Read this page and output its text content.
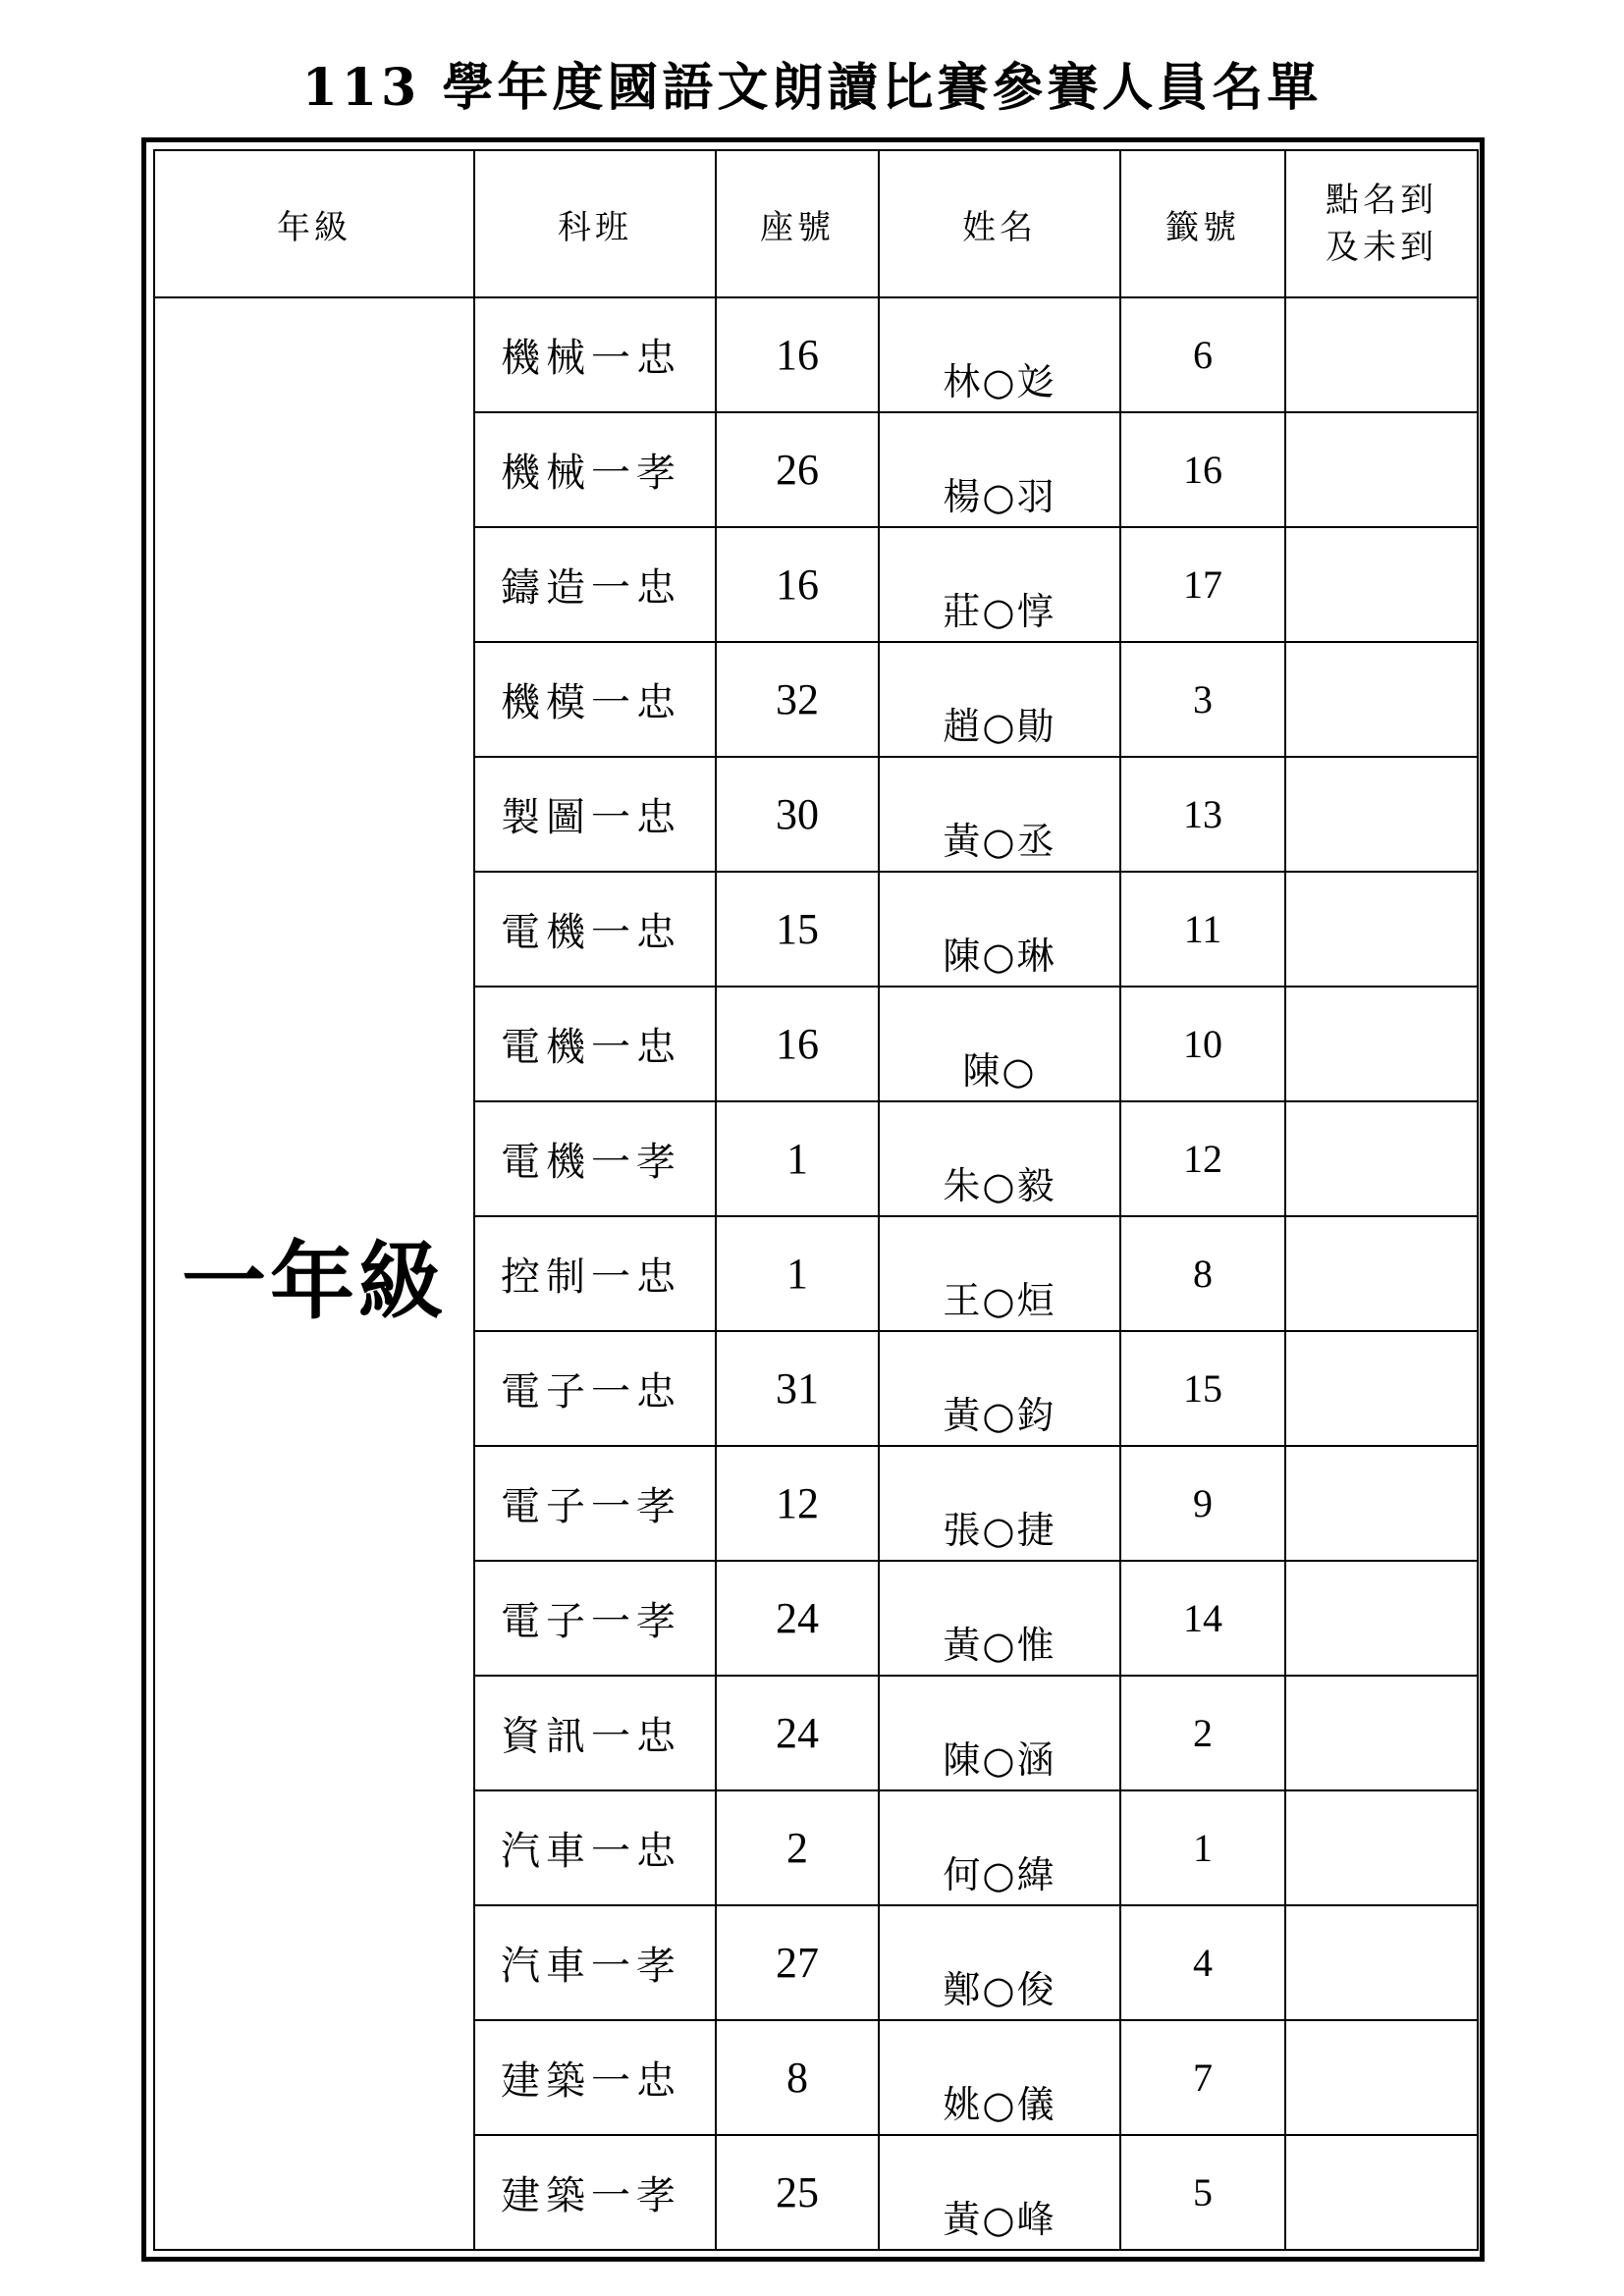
113 學年度國語文朗讀比賽參賽人員名單
年級	科班	座號	姓名	籤號	點名到
及未到
一年級	機械一忠	16	林○彣	6	
	機械一孝	26	楊○羽	16	
	鑄造一忠	16	莊○惇	17	
	機模一忠	32	趙○勛	3	
	製圖一忠	30	黃○丞	13	
	電機一忠	15	陳○琳	11	
	電機一忠	16	陳○	10	
	電機一孝	1	朱○毅	12	
	控制一忠	1	王○烜	8	
	電子一忠	31	黃○鈞	15	
	電子一孝	12	張○捷	9	
	電子一孝	24	黃○惟	14	
	資訊一忠	24	陳○涵	2	
	汽車一忠	2	何○緯	1	
	汽車一孝	27	鄭○俊	4	
	建築一忠	8	姚○儀	7	
	建築一孝	25	黃○峰	5	
